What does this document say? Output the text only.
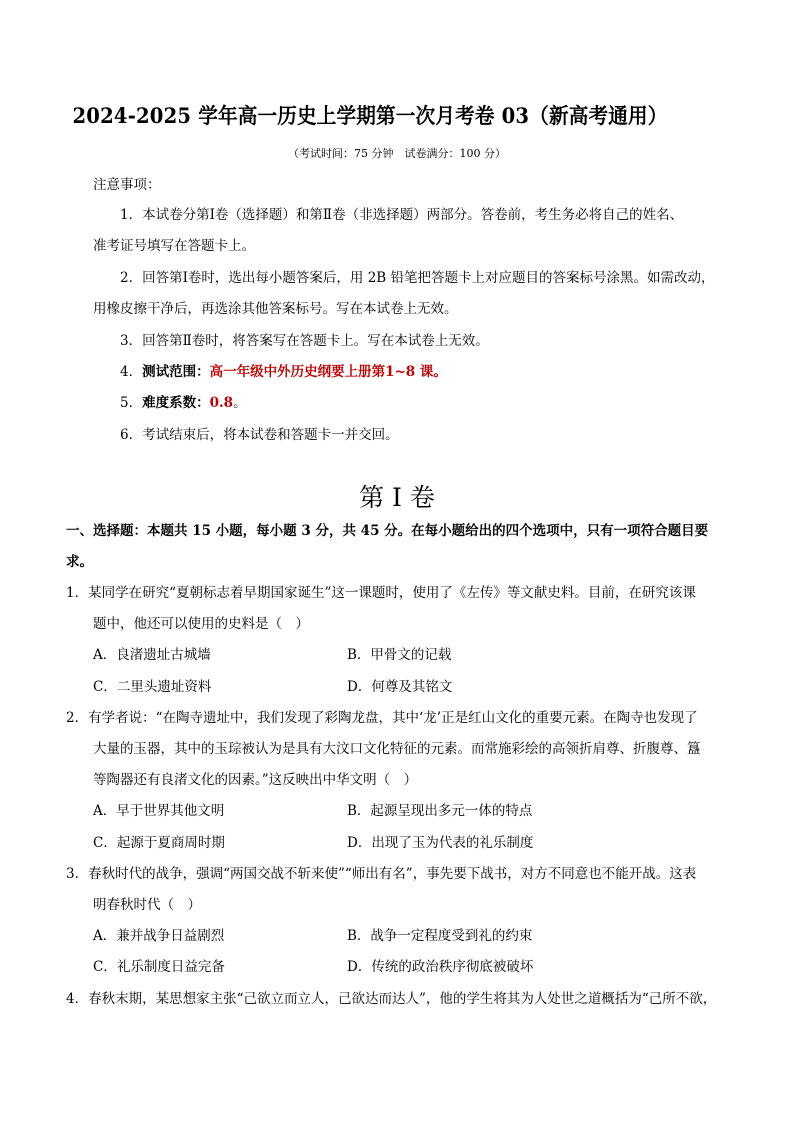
2024-2025 学年高一历史上学期第一次月考卷 03（新高考通用）
（考试时间：75 分钟　试卷满分：100 分）
注意事项：
1．本试卷分第Ⅰ卷（选择题）和第Ⅱ卷（非选择题）两部分。答卷前，考生务必将自己的姓名、
准考证号填写在答题卡上。
2．回答第Ⅰ卷时，选出每小题答案后，用 2B 铅笔把答题卡上对应题目的答案标号涂黑。如需改动，
用橡皮擦干净后，再选涂其他答案标号。写在本试卷上无效。
3．回答第Ⅱ卷时，将答案写在答题卡上。写在本试卷上无效。
4．测试范围：高一年级中外历史纲要上册第1~8 课。
5．难度系数：0.8。
6．考试结束后，将本试卷和答题卡一并交回。
第 I 卷
一、选择题：本题共 15 小题，每小题 3 分，共 45 分。在每小题给出的四个选项中，只有一项符合题目要
求。
1．某同学在研究“夏朝标志着早期国家诞生”这一课题时，使用了《左传》等文献史料。目前，在研究该课
题中，他还可以使用的史料是（　）
A．良渚遗址古城墙	B．甲骨文的记载
C．二里头遗址资料	D．何尊及其铭文
2．有学者说：“在陶寺遗址中，我们发现了彩陶龙盘，其中‘龙’正是红山文化的重要元素。在陶寺也发现了
大量的玉器，其中的玉琮被认为是具有大汶口文化特征的元素。而常施彩绘的高领折肩尊、折腹尊、簋
等陶器还有良渚文化的因素。”这反映出中华文明（　）
A．早于世界其他文明	B．起源呈现出多元一体的特点
C．起源于夏商周时期	D．出现了玉为代表的礼乐制度
3．春秋时代的战争，强调“两国交战不斩来使”“师出有名”，事先要下战书，对方不同意也不能开战。这表
明春秋时代（　）
A．兼并战争日益剧烈	B．战争一定程度受到礼的约束
C．礼乐制度日益完备	D．传统的政治秩序彻底被破坏
4．春秋末期，某思想家主张“己欲立而立人，己欲达而达人”，他的学生将其为人处世之道概括为“己所不欲，
